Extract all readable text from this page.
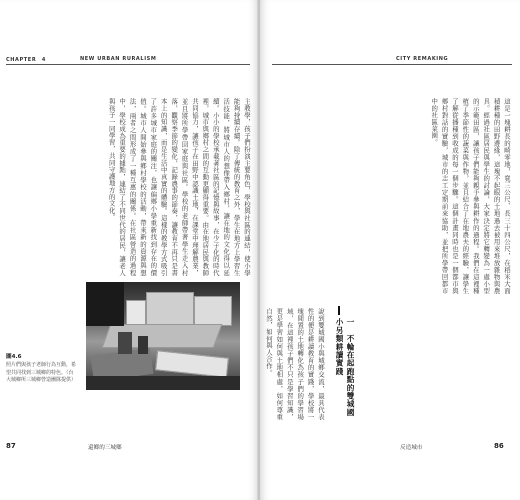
CHAPTER　4	NEW URBAN RURALISM
主教學，孩子們扮演主要角色，學校與社區的連結，使小學能夠持續存續。除了傳統的教育之外，學生在地方上學習生活技能，將城市人的想像帶入鄉村，讓在地的文化得以延續。小小的學校承載著社區的記憶與故事，在少子化的時代裡，城市與鄉村之間的互動更顯得重要。由在地居民與教師共同協力，讓孩子在田野中認識土地，在課堂中理解農業，並且將所學帶回家庭與社區。學校的老師帶著學生走入村落，觀察季節的變化，記錄農事的節奏，讓教育不再只是書本上的知識，而是生活中真實的體驗。這樣的教學方式吸引了許多城市家庭的關注，也讓偏鄉小學重新找到存在的價值。城市人開始參與鄉村學校的活動，帶來新的資源與想法，兩者之間形成了一種互惠的關係。在社區營造的過程中，學校成為重要的據點，連結了不同世代的居民，讓老人與孩子一同學習，共同守護地方的文化。
圖4.6
照片們與孩子老師行為互動，希望共同找到三城鄉的特色。（台大城鄉所三城鄉營造團隊提供）
87	還鄉的三城鄉
CITY REMAKING
這是一塊耕長的畸零地，寬三公尺、長三十四公尺，在稻米大面積耕種的田野邊緣，這塊不起眼的土地過去被用來堆放雜物與農具。經過社區居民與學生的討論，大家決定將它轉變為一處小型的示範田區，讓孩子們能夠親手參與耕作的過程。我們在這裡種植了季節性的蔬菜與作物，並且結合了在地農夫的經驗，讓學生了解從播種到收成的每一個步驟。這個計畫同時也是一個都市與鄉村對話的實驗，城市的志工定期前來協助，並把所學帶回都市中的社區菜園。
一　不輪在起跑點的雙城國小另類耕讀實踐
說到雙城國小與城鄉交流，最具代表性的便是耕讀教育的實踐，學校將一塊閒置的土地轉化為孩子們的學習場域，在這裡孩子們不只是學習知識，更是學習如何與土地相處，如何尊重自然，如何與人合作。
反造城市	86
